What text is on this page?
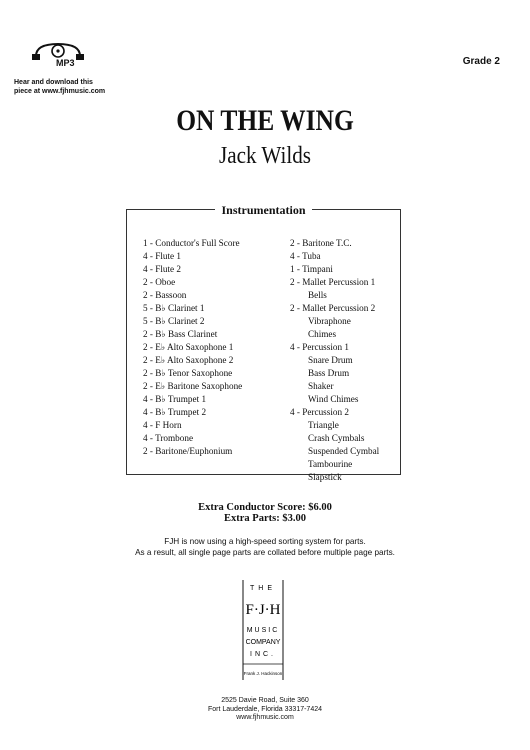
MP3
Hear and download this
piece at www.fjhmusic.com
Grade 2
ON THE WING
Jack Wilds
Instrumentation
1 - Conductor's Full Score
4 - Flute 1
4 - Flute 2
2 - Oboe
2 - Bassoon
5 - B♭ Clarinet 1
5 - B♭ Clarinet 2
2 - B♭ Bass Clarinet
2 - E♭ Alto Saxophone 1
2 - E♭ Alto Saxophone 2
2 - B♭ Tenor Saxophone
2 - E♭ Baritone Saxophone
4 - B♭ Trumpet 1
4 - B♭ Trumpet 2
4 - F Horn
4 - Trombone
2 - Baritone/Euphonium
2 - Baritone T.C.
4 - Tuba
1 - Timpani
2 - Mallet Percussion 1
Bells
2 - Mallet Percussion 2
Vibraphone
Chimes
4 - Percussion 1
Snare Drum
Bass Drum
Shaker
Wind Chimes
4 - Percussion 2
Triangle
Crash Cymbals
Suspended Cymbal
Tambourine
Slapstick
Extra Conductor Score: $6.00
Extra Parts: $3.00
FJH is now using a high-speed sorting system for parts.
As a result, all single page parts are collated before multiple page parts.
THE
F·J·H
MUSIC
COMPANY
INC.
Frank J. Hackinson
2525 Davie Road, Suite 360
Fort Lauderdale, Florida 33317-7424
www.fjhmusic.com
